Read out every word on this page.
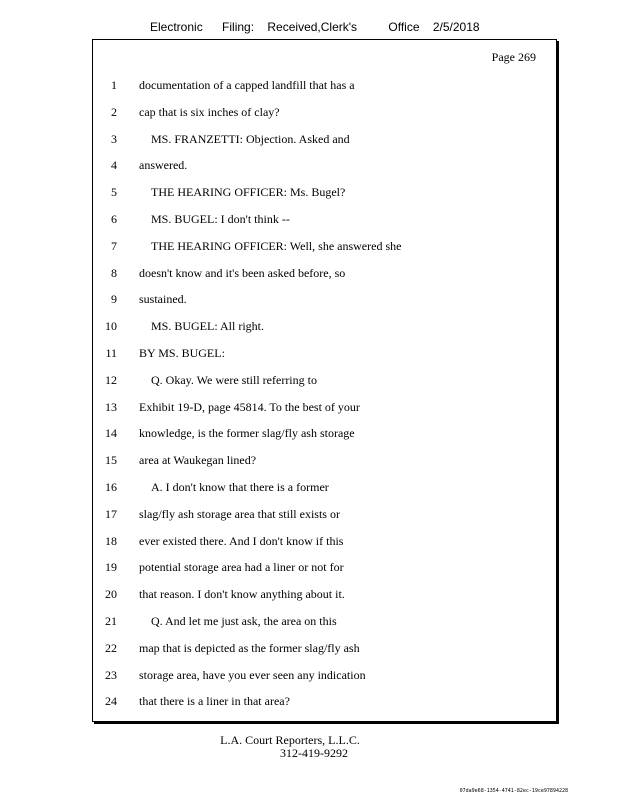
Electronic Filing: Received,Clerk's	Office 2/5/2018
Page 269
1 documentation of a capped landfill that has a
2 cap that is six inches of clay?
3	MS. FRANZETTI: Objection. Asked and
4 answered.
5	THE HEARING OFFICER: Ms. Bugel?
6	MS. BUGEL: I don't think --
7	THE HEARING OFFICER: Well, she answered she
8 doesn't know and it's been asked before, so
9 sustained.
10	MS. BUGEL: All right.
11 BY MS. BUGEL:
12	Q. Okay. We were still referring to
13 Exhibit 19-D, page 45814. To the best of your
14 knowledge, is the former slag/fly ash storage
15 area at Waukegan lined?
16	A. I don't know that there is a former
17 slag/fly ash storage area that still exists or
18 ever existed there. And I don't know if this
19 potential storage area had a liner or not for
20 that reason. I don't know anything about it.
21	Q. And let me just ask, the area on this
22 map that is depicted as the former slag/fly ash
23 storage area, have you ever seen any indication
24 that there is a liner in that area?
L.A. Court Reporters, L.L.C.
312-419-9292
07da9e68-1354-4741-82ec-19ce97894228
